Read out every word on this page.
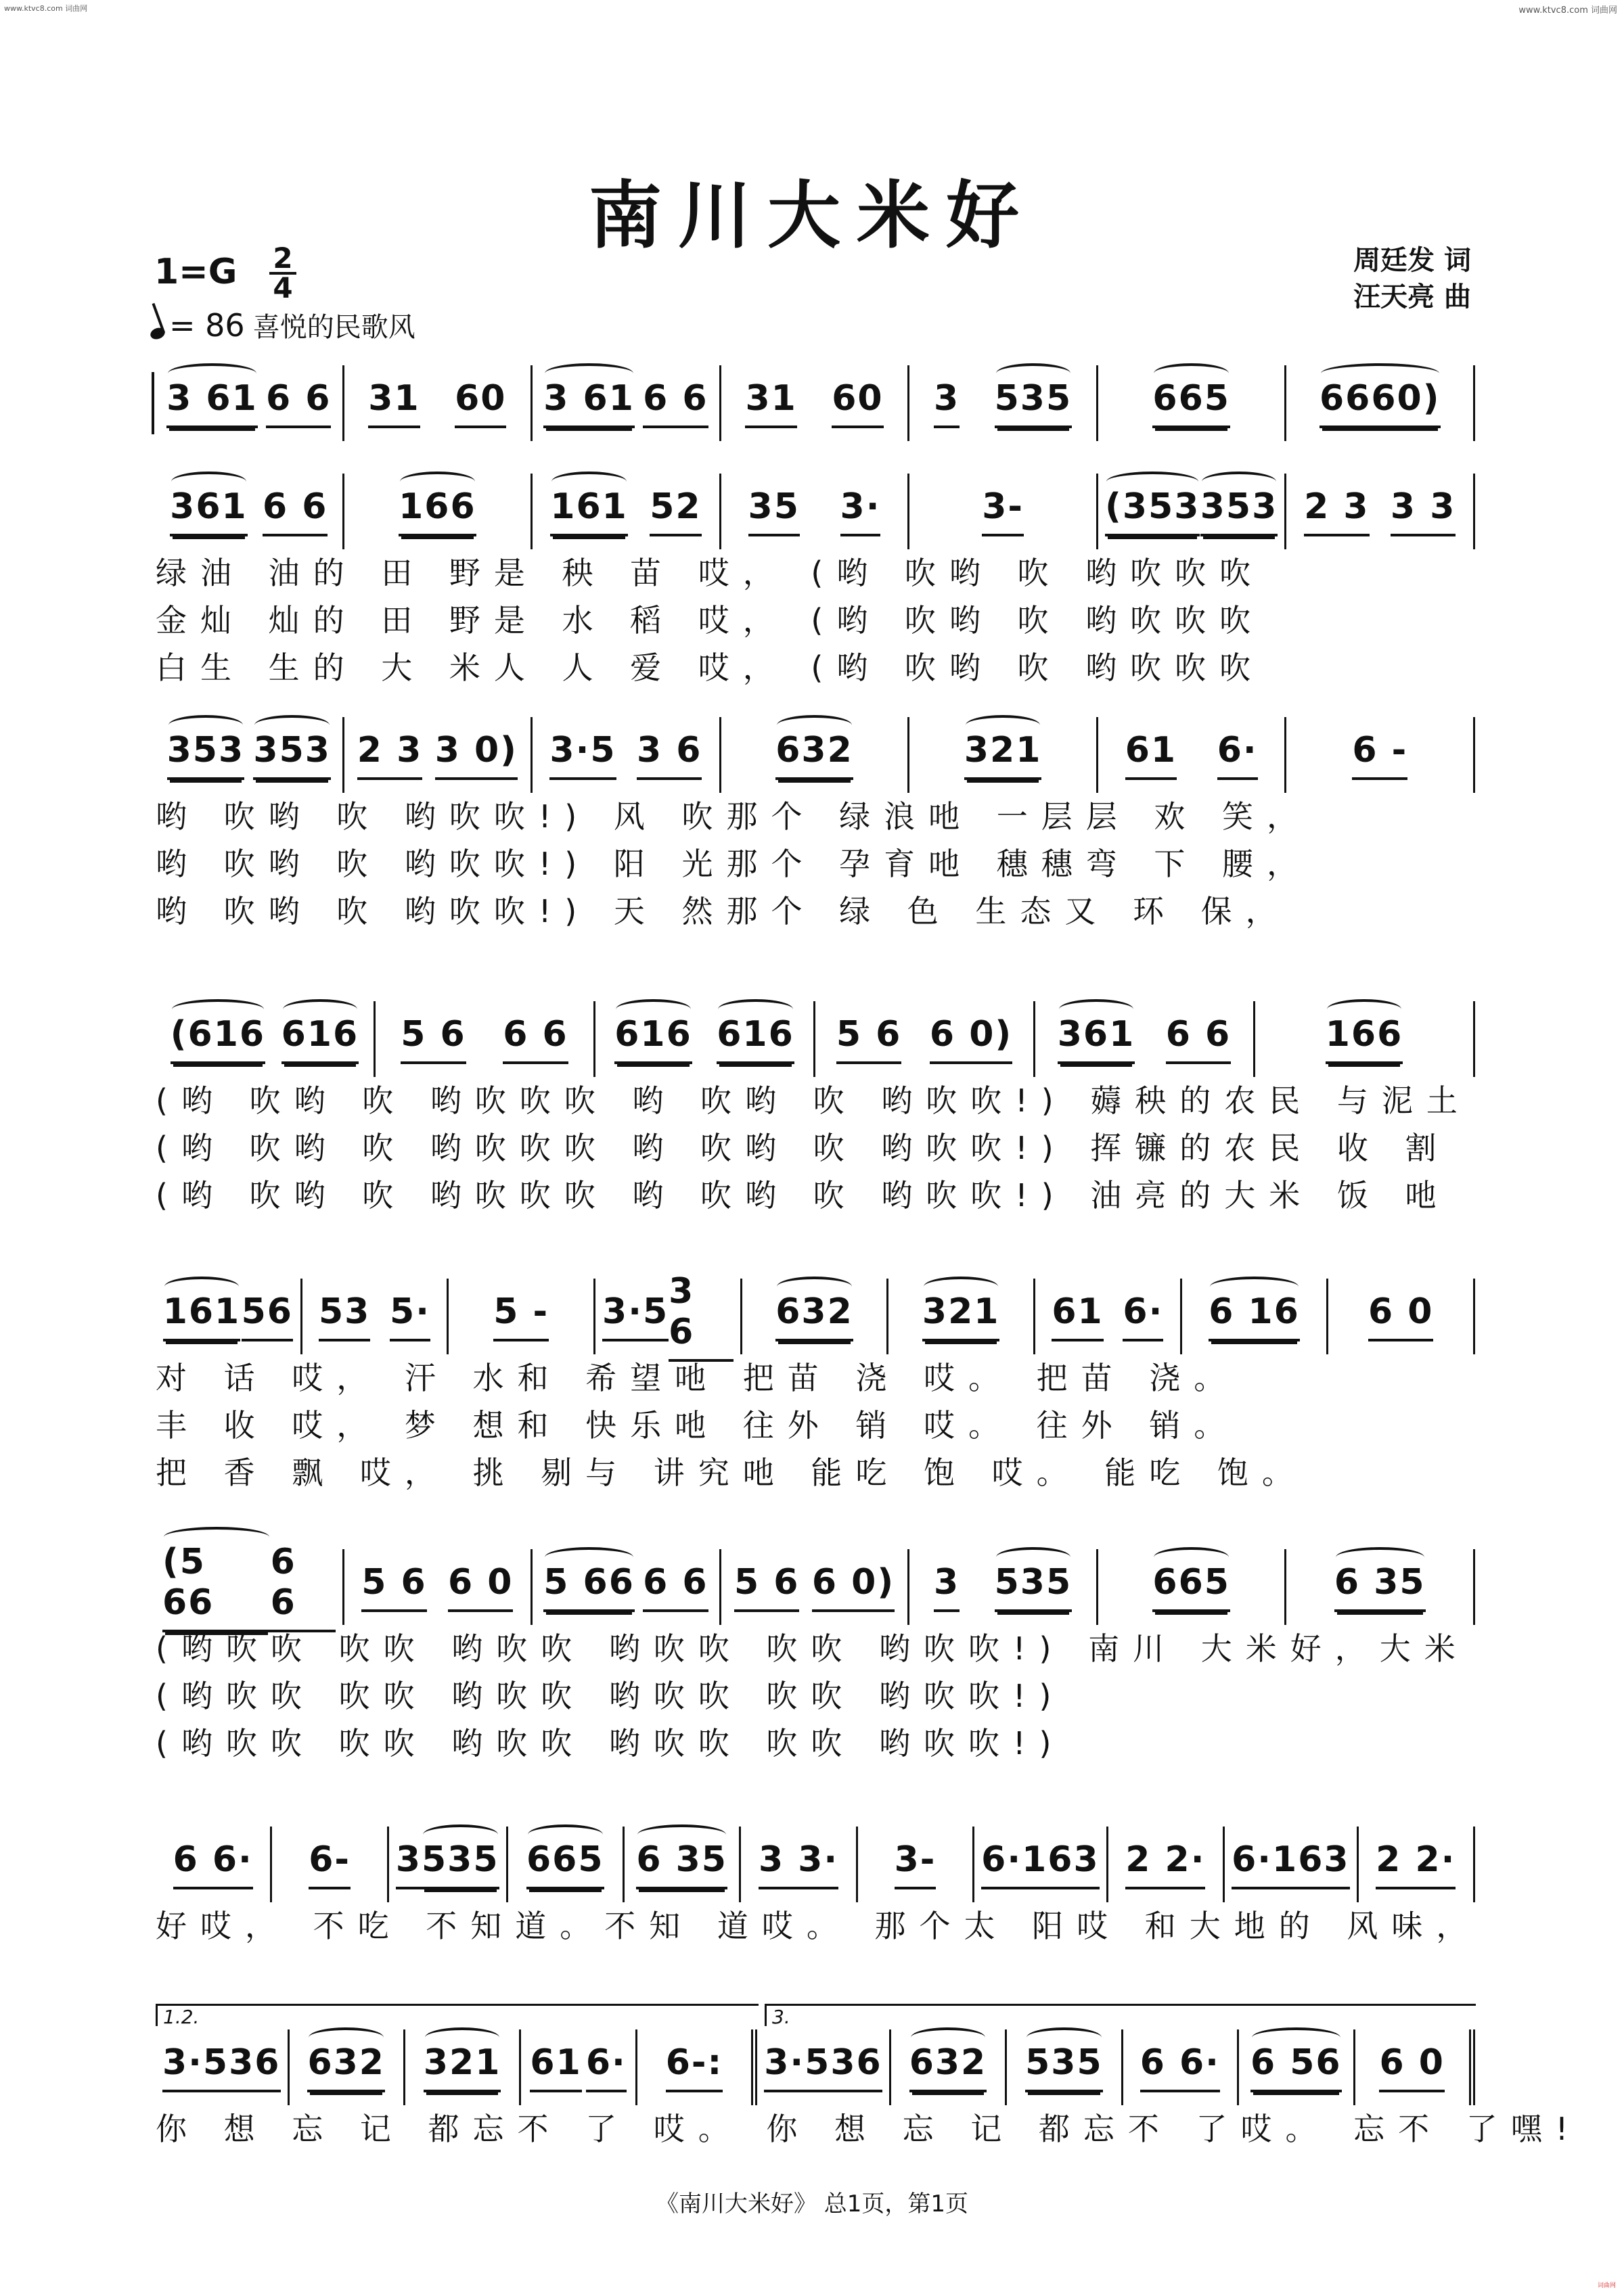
www.ktvc8.com 词曲网	www.ktvc8.com 词曲网
南川大米好
1=G 2
4
= 86 喜悦的民歌风
周廷发 词
汪天亮 曲
3 61 6 6 31 60 3 61 6 6 31 60 3 535 665	6660)
361 6 6 166 161 52 35 3·	3- (353 353 2 3 3 3
绿油 油的 田 野是 秧 苗 哎， (哟 吹哟 吹 哟吹吹吹
金灿 灿的 田 野是 水 稻 哎， (哟 吹哟 吹 哟吹吹吹
白生 生的 大 米人 人 爱 哎， (哟 吹哟 吹 哟吹吹吹
353 353 2 3 3 0) 3·5 3 6 632	321 61 6·	6 -
哟 吹哟 吹 哟吹吹!) 风 吹那个 绿浪吔 一层层 欢 笑，
哟 吹哟 吹 哟吹吹!) 阳 光那个 孕育吔 穗穗弯 下 腰，
哟 吹哟 吹 哟吹吹!) 天 然那个 绿 色 生态又 环 保，
(616 616 5 6 6 6 616 616 5 6 6 0) 361 6 6	166
(哟 吹哟 吹 哟吹吹吹 哟 吹哟 吹 哟吹吹!) 薅秧的农民 与泥土
(哟 吹哟 吹 哟吹吹吹 哟 吹哟 吹 哟吹吹!) 挥镰的农民 收 割
(哟 吹哟 吹 哟吹吹吹 哟 吹哟 吹 哟吹吹!) 油亮的大米 饭 吔
161 56 53 5· 5 - 3·5 3 6	632 321 61 6· 6 16 6 0
对 话 哎， 汗 水和 希望吔 把苗 浇 哎。 把苗 浇。
丰 收 哎， 梦 想和 快乐吔 往外 销 哎。 往外 销。
把 香 飘 哎， 挑 剔与 讲究吔 能吃 饱 哎。 能吃 饱。
(5 66
6 6	5 6 6 0 5 66 6 6 5 6 6 0) 3 535 665	6 35
(哟吹吹 吹吹 哟吹吹 哟吹吹 吹吹 哟吹吹!) 南川 大米好，大米
(哟吹吹 吹吹 哟吹吹 哟吹吹 吹吹 哟吹吹!)
(哟吹吹 吹吹 哟吹吹 哟吹吹 吹吹 哟吹吹!)
6 6· 6- 3 535 665 6 35 3 3· 3- 6·1 63 2 2· 6·1 63 2 2·
好哎， 不吃 不知道。不知 道哎。 那个太 阳哎 和大地的 风味，
3·5 36 632 321 61 6· 6-: 3·5 36 632 535 6 6· 6 56 6 0
1.2.	3.
你 想 忘 记 都忘不 了 哎。 你 想 忘 记 都忘不 了哎。 忘不 了嘿!
《南川大米好》 总1页，第1页
词曲网
